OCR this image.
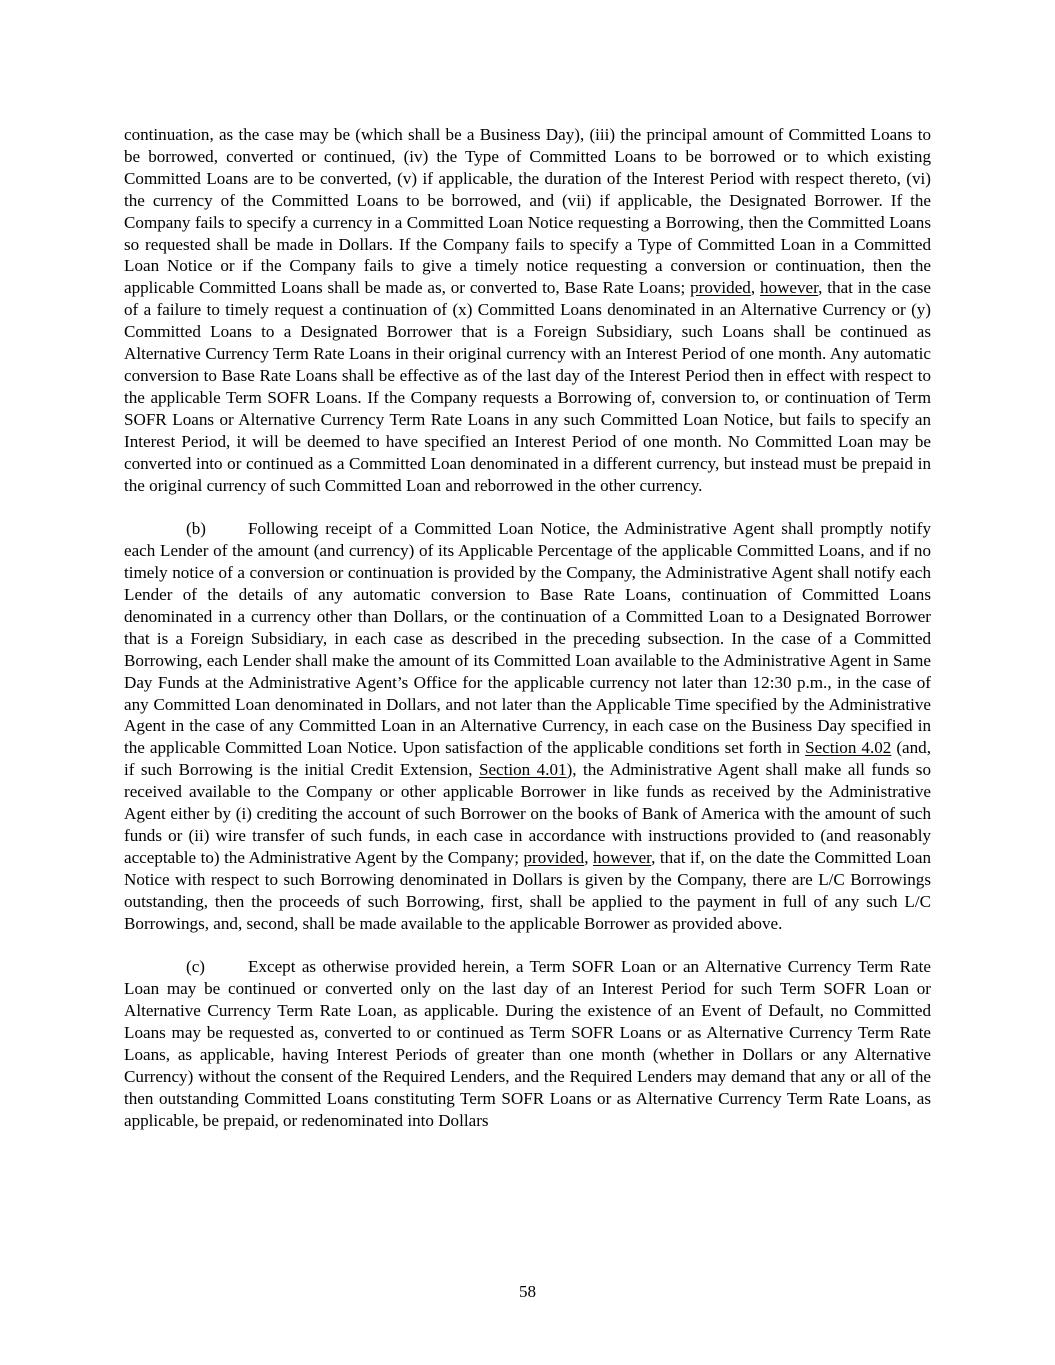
continuation, as the case may be (which shall be a Business Day), (iii) the principal amount of Committed Loans to be borrowed, converted or continued, (iv) the Type of Committed Loans to be borrowed or to which existing Committed Loans are to be converted, (v) if applicable, the duration of the Interest Period with respect thereto, (vi) the currency of the Committed Loans to be borrowed, and (vii) if applicable, the Designated Borrower. If the Company fails to specify a currency in a Committed Loan Notice requesting a Borrowing, then the Committed Loans so requested shall be made in Dollars. If the Company fails to specify a Type of Committed Loan in a Committed Loan Notice or if the Company fails to give a timely notice requesting a conversion or continuation, then the applicable Committed Loans shall be made as, or converted to, Base Rate Loans; provided, however, that in the case of a failure to timely request a continuation of (x) Committed Loans denominated in an Alternative Currency or (y) Committed Loans to a Designated Borrower that is a Foreign Subsidiary, such Loans shall be continued as Alternative Currency Term Rate Loans in their original currency with an Interest Period of one month. Any automatic conversion to Base Rate Loans shall be effective as of the last day of the Interest Period then in effect with respect to the applicable Term SOFR Loans. If the Company requests a Borrowing of, conversion to, or continuation of Term SOFR Loans or Alternative Currency Term Rate Loans in any such Committed Loan Notice, but fails to specify an Interest Period, it will be deemed to have specified an Interest Period of one month. No Committed Loan may be converted into or continued as a Committed Loan denominated in a different currency, but instead must be prepaid in the original currency of such Committed Loan and reborrowed in the other currency.

(b) Following receipt of a Committed Loan Notice, the Administrative Agent shall promptly notify each Lender of the amount (and currency) of its Applicable Percentage of the applicable Committed Loans, and if no timely notice of a conversion or continuation is provided by the Company, the Administrative Agent shall notify each Lender of the details of any automatic conversion to Base Rate Loans, continuation of Committed Loans denominated in a currency other than Dollars, or the continuation of a Committed Loan to a Designated Borrower that is a Foreign Subsidiary, in each case as described in the preceding subsection. In the case of a Committed Borrowing, each Lender shall make the amount of its Committed Loan available to the Administrative Agent in Same Day Funds at the Administrative Agent’s Office for the applicable currency not later than 12:30 p.m., in the case of any Committed Loan denominated in Dollars, and not later than the Applicable Time specified by the Administrative Agent in the case of any Committed Loan in an Alternative Currency, in each case on the Business Day specified in the applicable Committed Loan Notice. Upon satisfaction of the applicable conditions set forth in Section 4.02 (and, if such Borrowing is the initial Credit Extension, Section 4.01), the Administrative Agent shall make all funds so received available to the Company or other applicable Borrower in like funds as received by the Administrative Agent either by (i) crediting the account of such Borrower on the books of Bank of America with the amount of such funds or (ii) wire transfer of such funds, in each case in accordance with instructions provided to (and reasonably acceptable to) the Administrative Agent by the Company; provided, however, that if, on the date the Committed Loan Notice with respect to such Borrowing denominated in Dollars is given by the Company, there are L/C Borrowings outstanding, then the proceeds of such Borrowing, first, shall be applied to the payment in full of any such L/C Borrowings, and, second, shall be made available to the applicable Borrower as provided above.

(c)	Except as otherwise provided herein, a Term SOFR Loan or an Alternative Currency Term Rate Loan may be continued or converted only on the last day of an Interest Period for such Term SOFR Loan or Alternative Currency Term Rate Loan, as applicable. During the existence of an Event of Default, no Committed Loans may be requested as, converted to or continued as Term SOFR Loans or as Alternative Currency Term Rate Loans, as applicable, having Interest Periods of greater than one month (whether in Dollars or any Alternative Currency) without the consent of the Required Lenders, and the Required Lenders may demand that any or all of the then outstanding Committed Loans constituting Term SOFR Loans or as Alternative Currency Term Rate Loans, as applicable, be prepaid, or redenominated into Dollars

58
